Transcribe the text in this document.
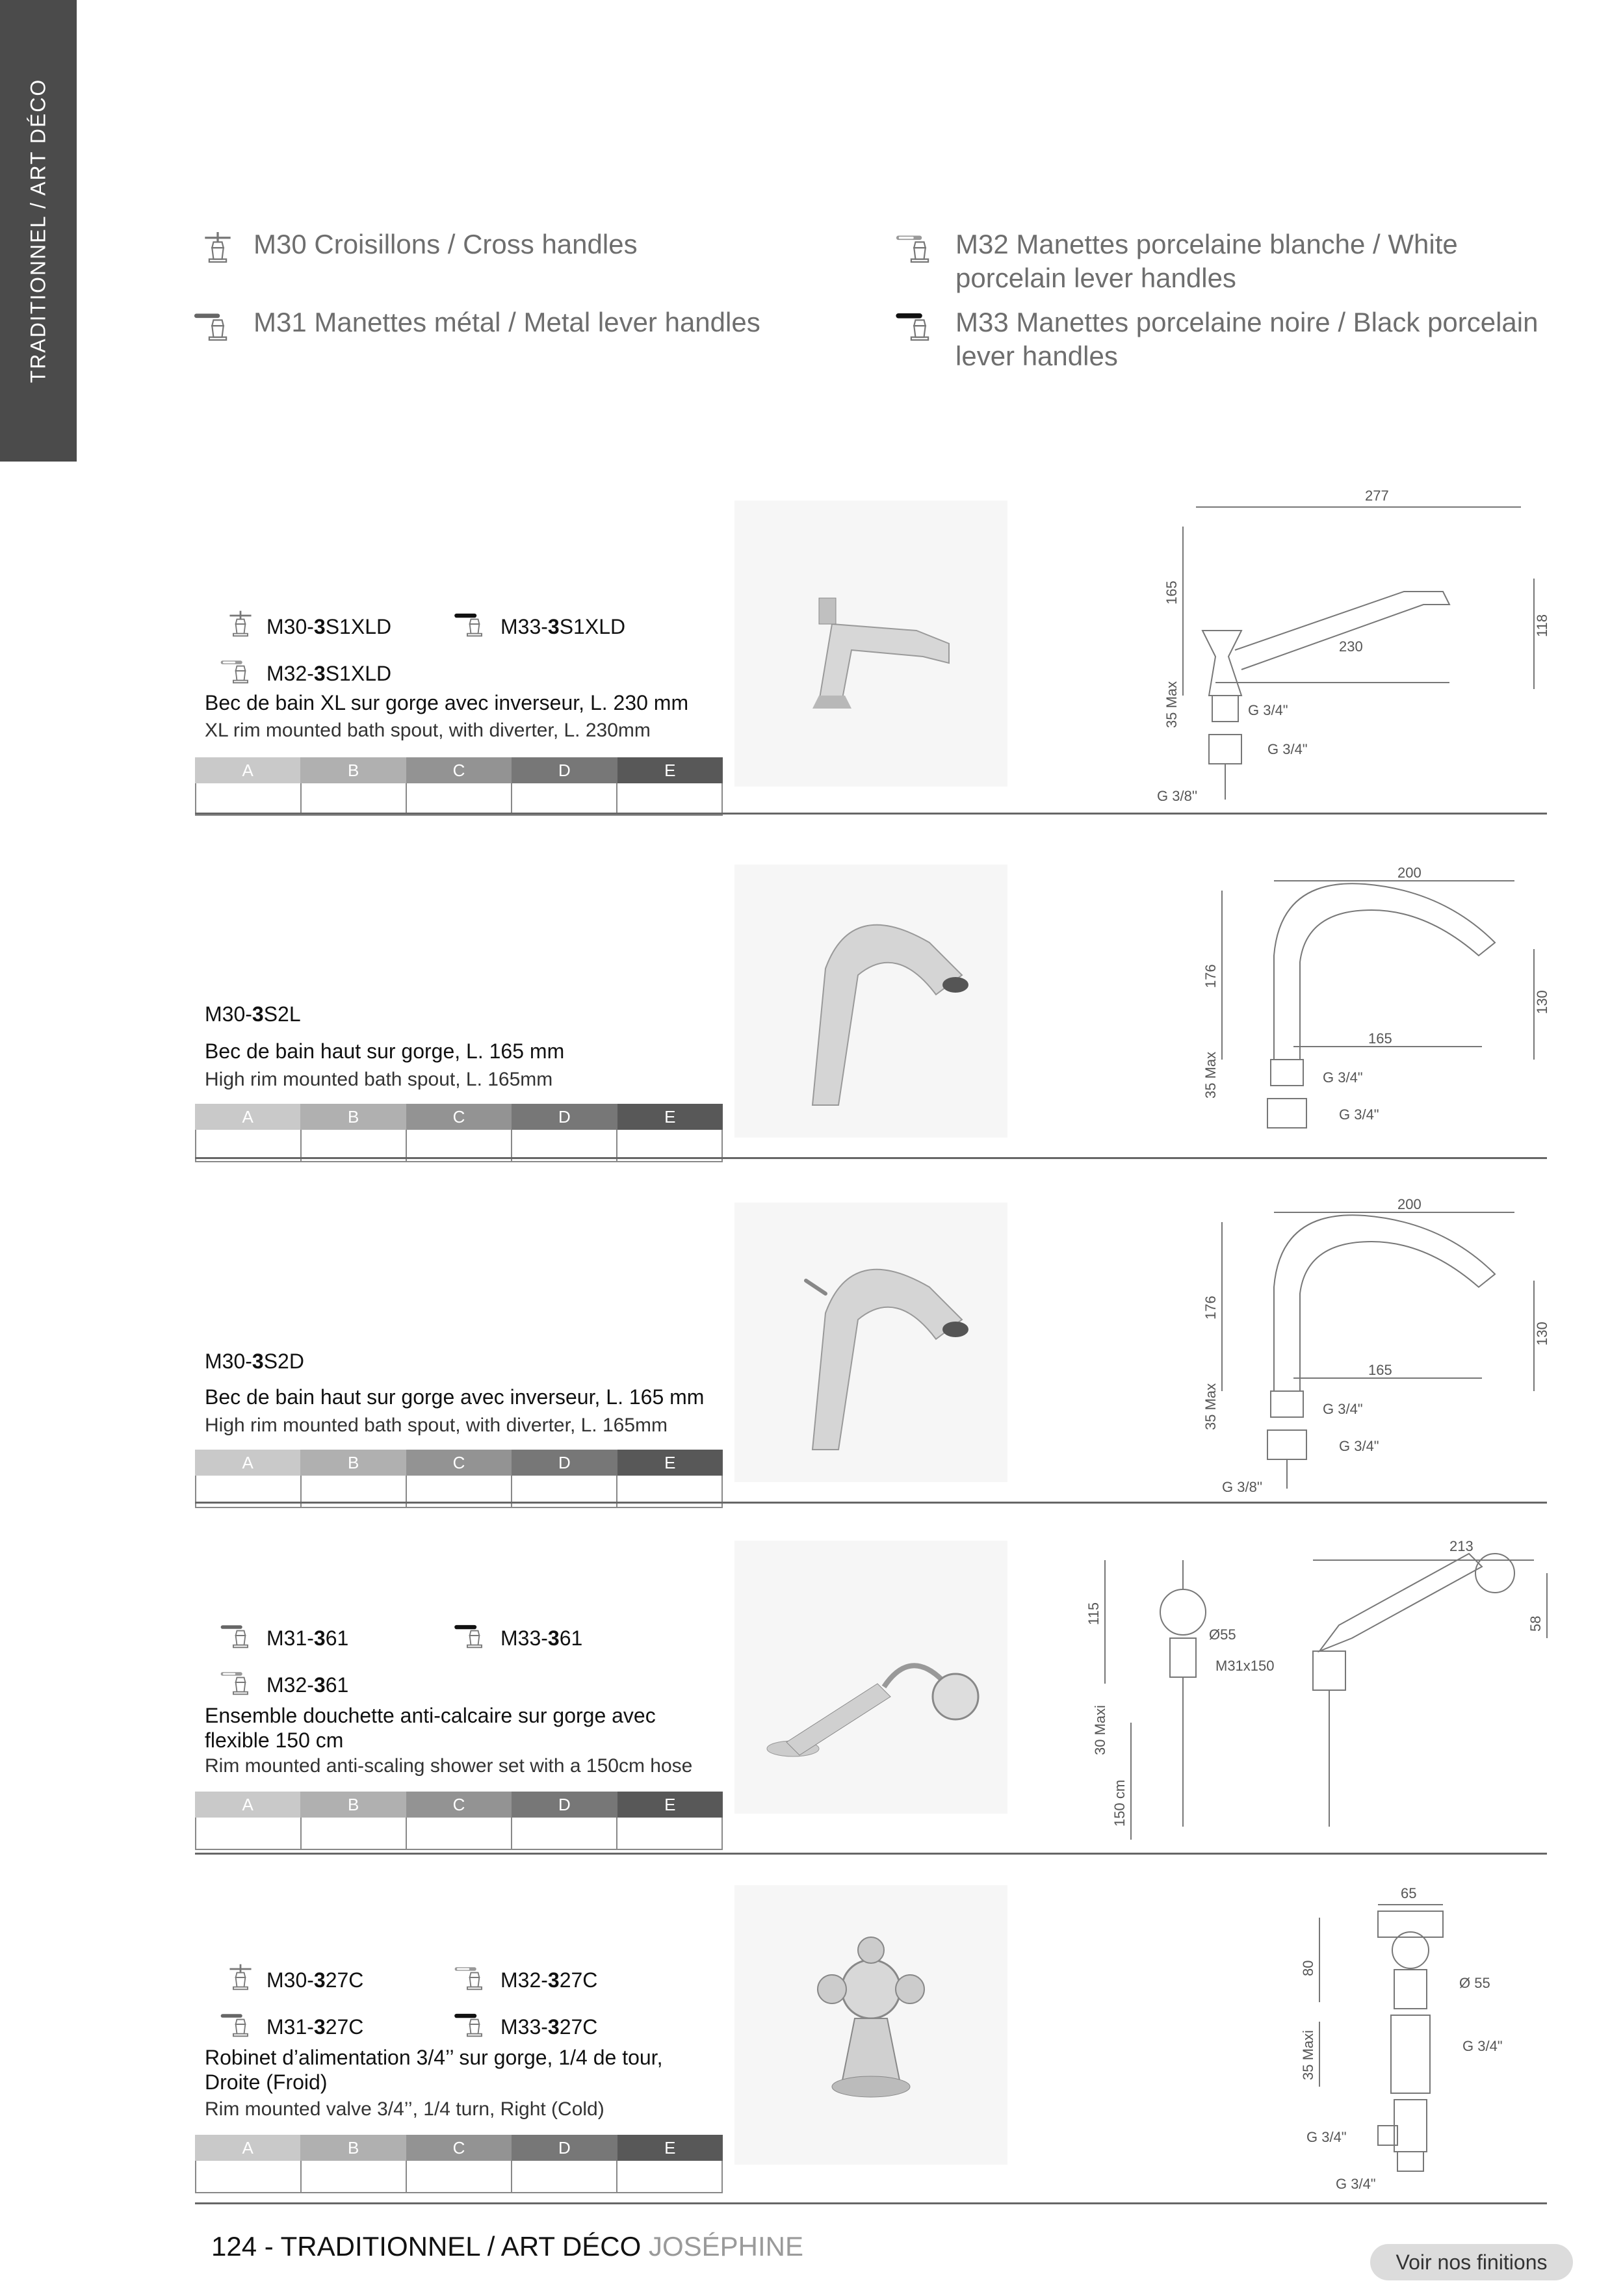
TRADITIONNEL / ART DÉCO	M30 Croisillons / Cross handles
M31 Manettes métal / Metal lever handles
M32 Manettes porcelaine blanche / White porcelain lever handles
M33 Manettes porcelaine noire / Black porcelain lever handles
M30-3S1XLD	M33-3S1XLD
M32-3S1XLD
Bec de bain XL sur gorge avec inverseur, L. 230 mm
XL rim mounted bath spout, with diverter, L. 230mm
A	B	C	D	E
277
165
118
230
35 Max	G 3/4"
G 3/4"
G 3/8''
M30-3S2L
Bec de bain haut sur gorge, L. 165 mm
High rim mounted bath spout, L. 165mm
A	B	C	D	E
200
176
130
165
35 Max	G 3/4"
G 3/4"
M30-3S2D
Bec de bain haut sur gorge avec inverseur, L. 165 mm
High rim mounted bath spout, with diverter, L. 165mm
A	B	C	D	E
200
176
130
165
35 Max	G 3/4"
G 3/4"
G 3/8''
M31-361	M33-361
M32-361
Ensemble douchette anti-calcaire sur gorge avec flexible 150 cm
Rim mounted anti-scaling shower set with a 150cm hose
A	B	C	D	E
115
Ø55
M31x150
30 Maxi
150 cm
213
58
M30-327C	M32-327C
M31-327C	M33-327C
Robinet d’alimentation 3/4’’ sur gorge, 1/4 de tour, Droite (Froid)
Rim mounted valve 3/4’’, 1/4 turn, Right (Cold)
A	B	C	D	E
65
80
Ø 55
35 Maxi	G 3/4"
G 3/4"
G 3/4"
124 - TRADITIONNEL / ART DÉCO JOSÉPHINE
Voir nos finitions
